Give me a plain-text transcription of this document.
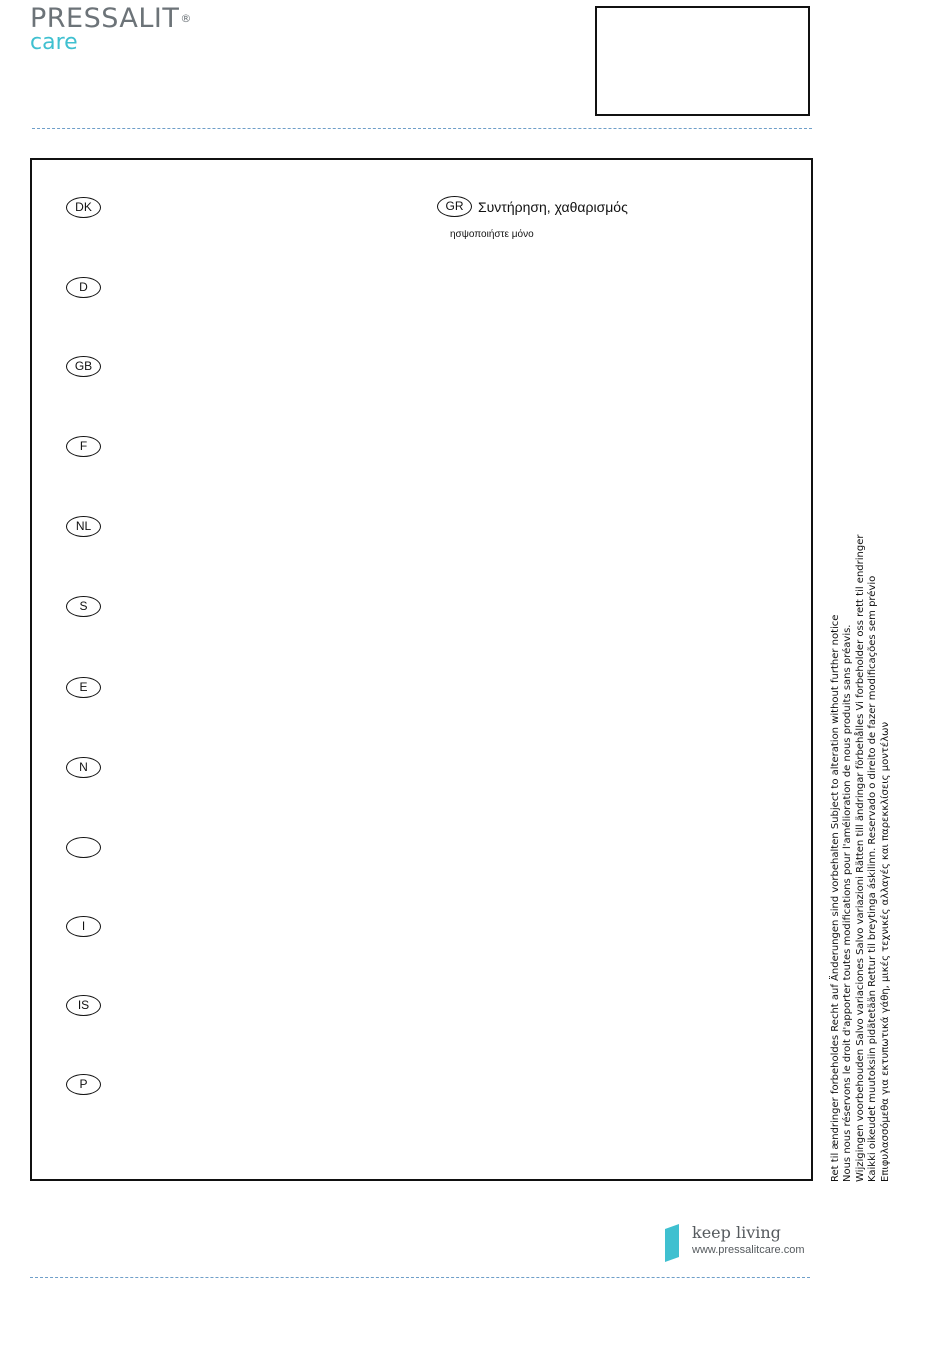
PRESSALIT®
care
DK
D
GB
F
NL
S
E
N
I
IS
P
GR	Συντήρηση, χαθαρισμός
ησψοποιήστε μόνο
Ret til ændringer forbeholdes Recht auf Änderungen sind vorbehalten Subject to alteration without further notice Nous nous réservons le droit d'apporter toutes modifications pour l'amélioration de nous produits sans préavis. Wijzigingen voorbehouden Salvo variaciones Salvo variazioni Rätten till ändringar förbehålles Vi forbeholder oss rett til endringer Kaikki oikeudet muutoksiin pidätetään Rettur til breytinga áskilinn. Reservado o direito de fazer modificações sem prévio Επιφυλασσόμεθα για εκτυπωτικά γάθη, μικές τεχνικές αλλαγές και παρεκκλίσεις μοντέλων
keep living
www.pressalitcare.com
